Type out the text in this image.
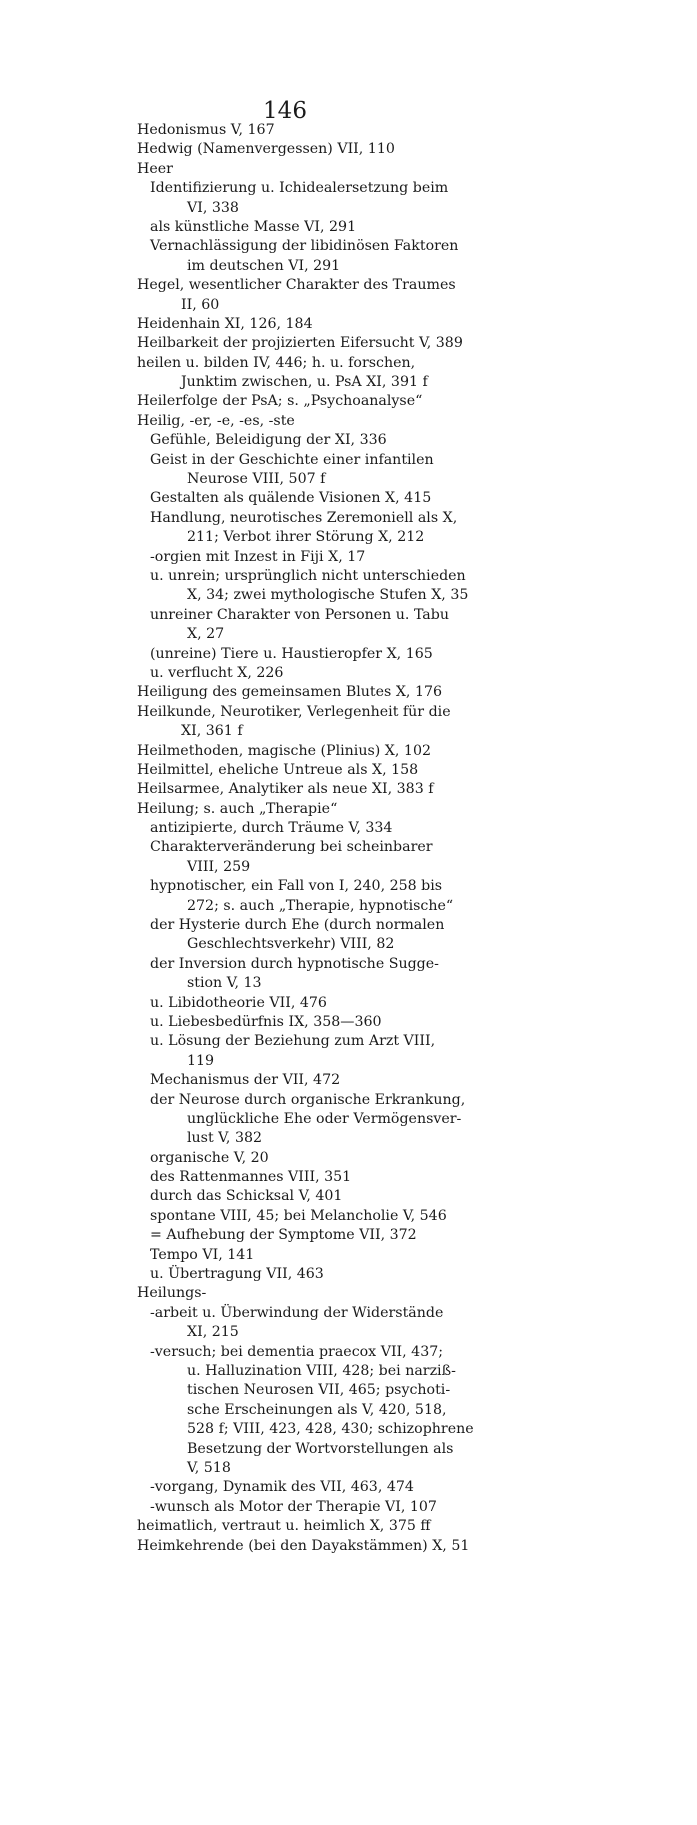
146
Hedonismus V, 167
Hedwig (Namenvergessen) VII, 110
Heer
Identifizierung u. Ichidealersetzung beim
VI, 338
als künstliche Masse VI, 291
Vernachlässigung der libidinösen Faktoren
im deutschen VI, 291
Hegel, wesentlicher Charakter des Traumes
II, 60
Heidenhain XI, 126, 184
Heilbarkeit der projizierten Eifersucht V, 389
heilen u. bilden IV, 446; h. u. forschen,
Junktim zwischen, u. PsA XI, 391 f
Heilerfolge der PsA; s. „Psychoanalyse“
Heilig, -er, -e, -es, -ste
Gefühle, Beleidigung der XI, 336
Geist in der Geschichte einer infantilen
Neurose VIII, 507 f
Gestalten als quälende Visionen X, 415
Handlung, neurotisches Zeremoniell als X,
211; Verbot ihrer Störung X, 212
-orgien mit Inzest in Fiji X, 17
u. unrein; ursprünglich nicht unterschieden
X, 34; zwei mythologische Stufen X, 35
unreiner Charakter von Personen u. Tabu
X, 27
(unreine) Tiere u. Haustieropfer X, 165
u. verflucht X, 226
Heiligung des gemeinsamen Blutes X, 176
Heilkunde, Neurotiker, Verlegenheit für die
XI, 361 f
Heilmethoden, magische (Plinius) X, 102
Heilmittel, eheliche Untreue als X, 158
Heilsarmee, Analytiker als neue XI, 383 f
Heilung; s. auch „Therapie“
antizipierte, durch Träume V, 334
Charakterveränderung bei scheinbarer
VIII, 259
hypnotischer, ein Fall von I, 240, 258 bis
272; s. auch „Therapie, hypnotische“
der Hysterie durch Ehe (durch normalen
Geschlechtsverkehr) VIII, 82
der Inversion durch hypnotische Sugge-
stion V, 13
u. Libidotheorie VII, 476
u. Liebesbedürfnis IX, 358—360
u. Lösung der Beziehung zum Arzt VIII,
119
Mechanismus der VII, 472
der Neurose durch organische Erkrankung,
unglückliche Ehe oder Vermögensver-
lust V, 382
organische V, 20
des Rattenmannes VIII, 351
durch das Schicksal V, 401
spontane VIII, 45; bei Melancholie V, 546
= Aufhebung der Symptome VII, 372
Tempo VI, 141
u. Übertragung VII, 463
Heilungs-
-arbeit u. Überwindung der Widerstände
XI, 215
-versuch; bei dementia praecox VII, 437;
u. Halluzination VIII, 428; bei narziß-
tischen Neurosen VII, 465; psychoti-
sche Erscheinungen als V, 420, 518,
528 f; VIII, 423, 428, 430; schizophrene
Besetzung der Wortvorstellungen als
V, 518
-vorgang, Dynamik des VII, 463, 474
-wunsch als Motor der Therapie VI, 107
heimatlich, vertraut u. heimlich X, 375 ff
Heimkehrende (bei den Dayakstämmen) X, 51
